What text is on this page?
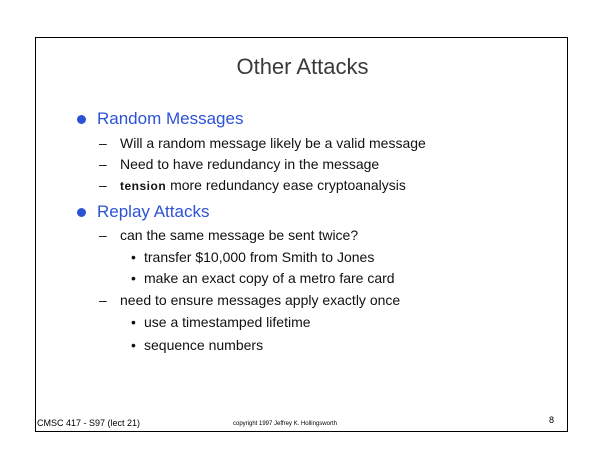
Other Attacks
Random Messages
– Will a random message likely be a valid message
– Need to have redundancy in the message
– tension more redundancy ease cryptoanalysis
Replay Attacks
– can the same message be sent twice?
• transfer $10,000 from Smith to Jones
• make an exact copy of a metro fare card
– need to ensure messages apply exactly once
• use a timestamped lifetime
• sequence numbers
CMSC 417 - S97 (lect 21)	copyright 1997 Jeffrey K. Hollingsworth	8
